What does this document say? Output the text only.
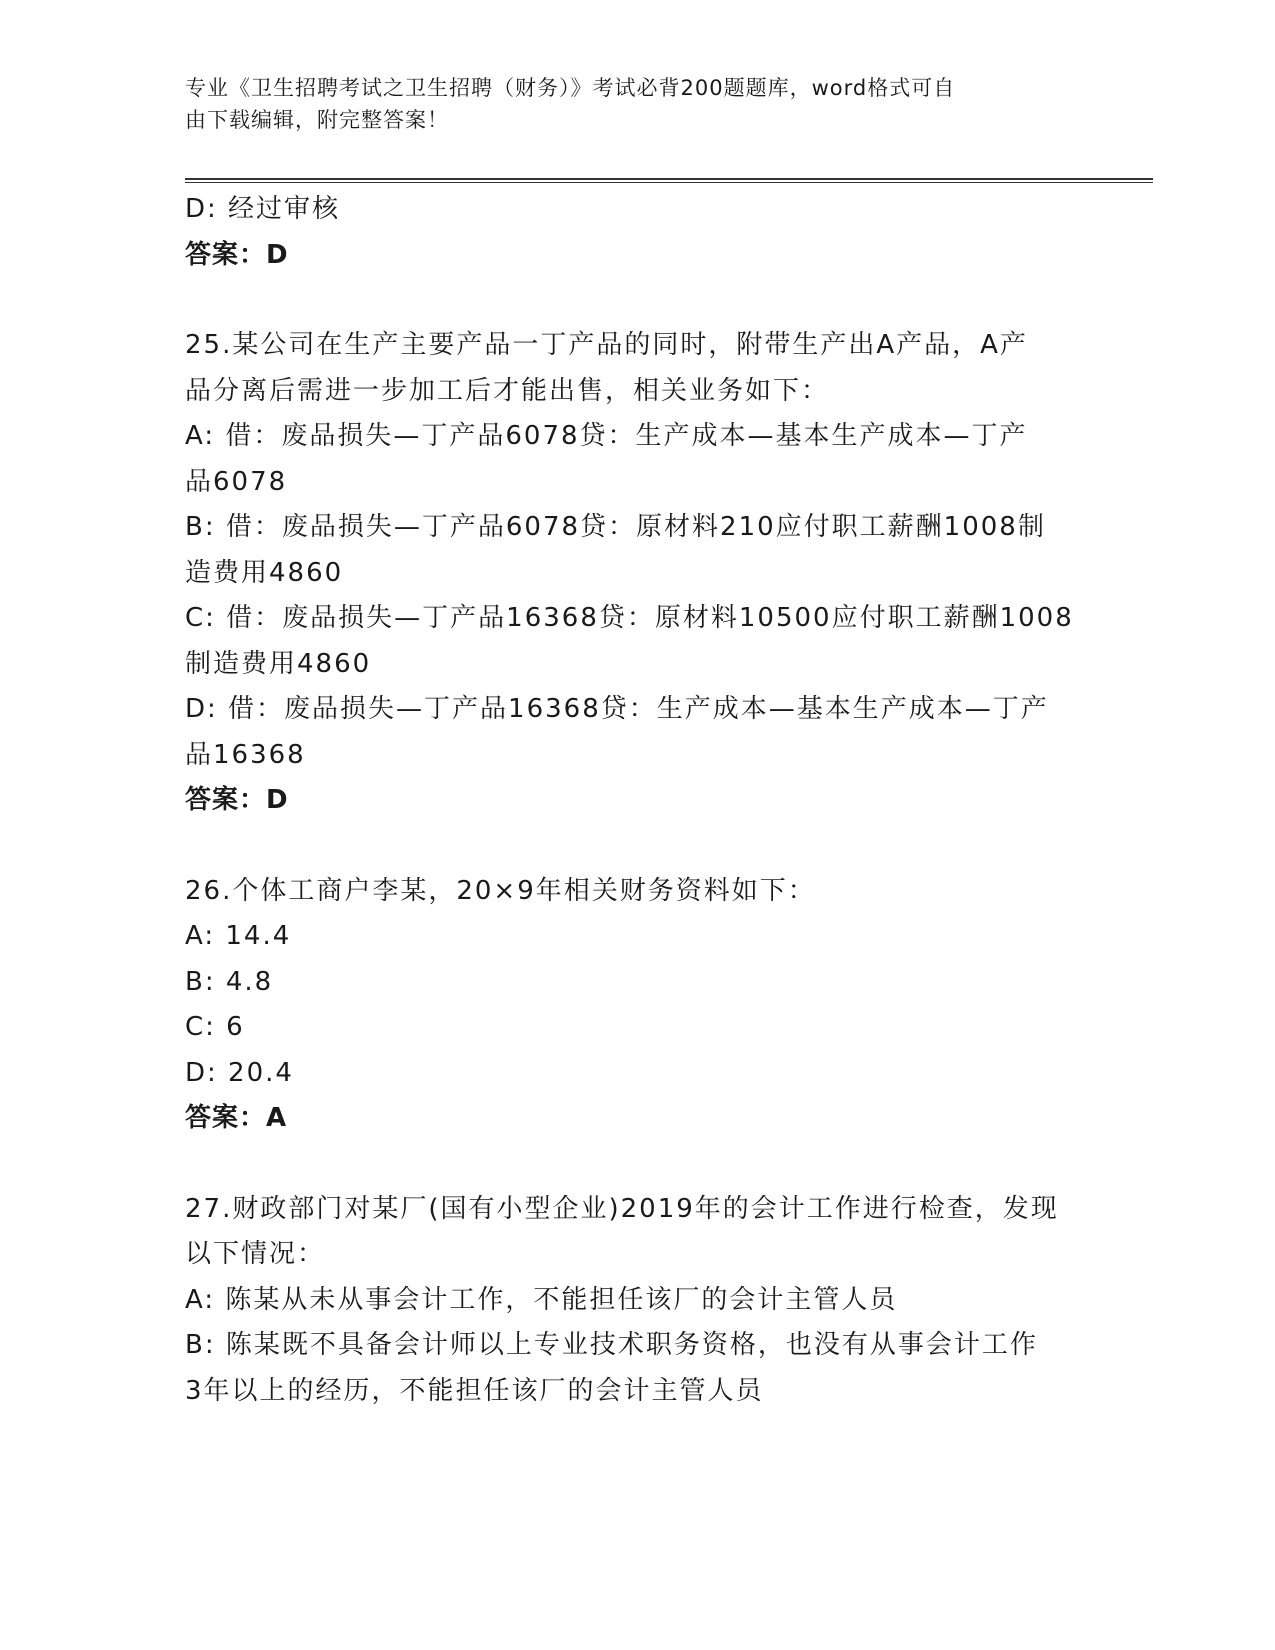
专业《卫生招聘考试之卫生招聘（财务）》考试必背200题题库，word格式可自
由下载编辑，附完整答案！
D: 经过审核
答案：D
25.某公司在生产主要产品一丁产品的同时，附带生产出A产品，A产
品分离后需进一步加工后才能出售，相关业务如下：
A: 借：废品损失—丁产品6078贷：生产成本—基本生产成本—丁产
品6078
B: 借：废品损失—丁产品6078贷：原材料210应付职工薪酬1008制
造费用4860
C: 借：废品损失—丁产品16368贷：原材料10500应付职工薪酬1008
制造费用4860
D: 借：废品损失—丁产品16368贷：生产成本—基本生产成本—丁产
品16368
答案：D
26.个体工商户李某，20×9年相关财务资料如下：
A: 14.4
B: 4.8
C: 6
D: 20.4
答案：A
27.财政部门对某厂(国有小型企业)2019年的会计工作进行检查，发现
以下情况：
A: 陈某从未从事会计工作，不能担任该厂的会计主管人员
B: 陈某既不具备会计师以上专业技术职务资格，也没有从事会计工作
3年以上的经历，不能担任该厂的会计主管人员
